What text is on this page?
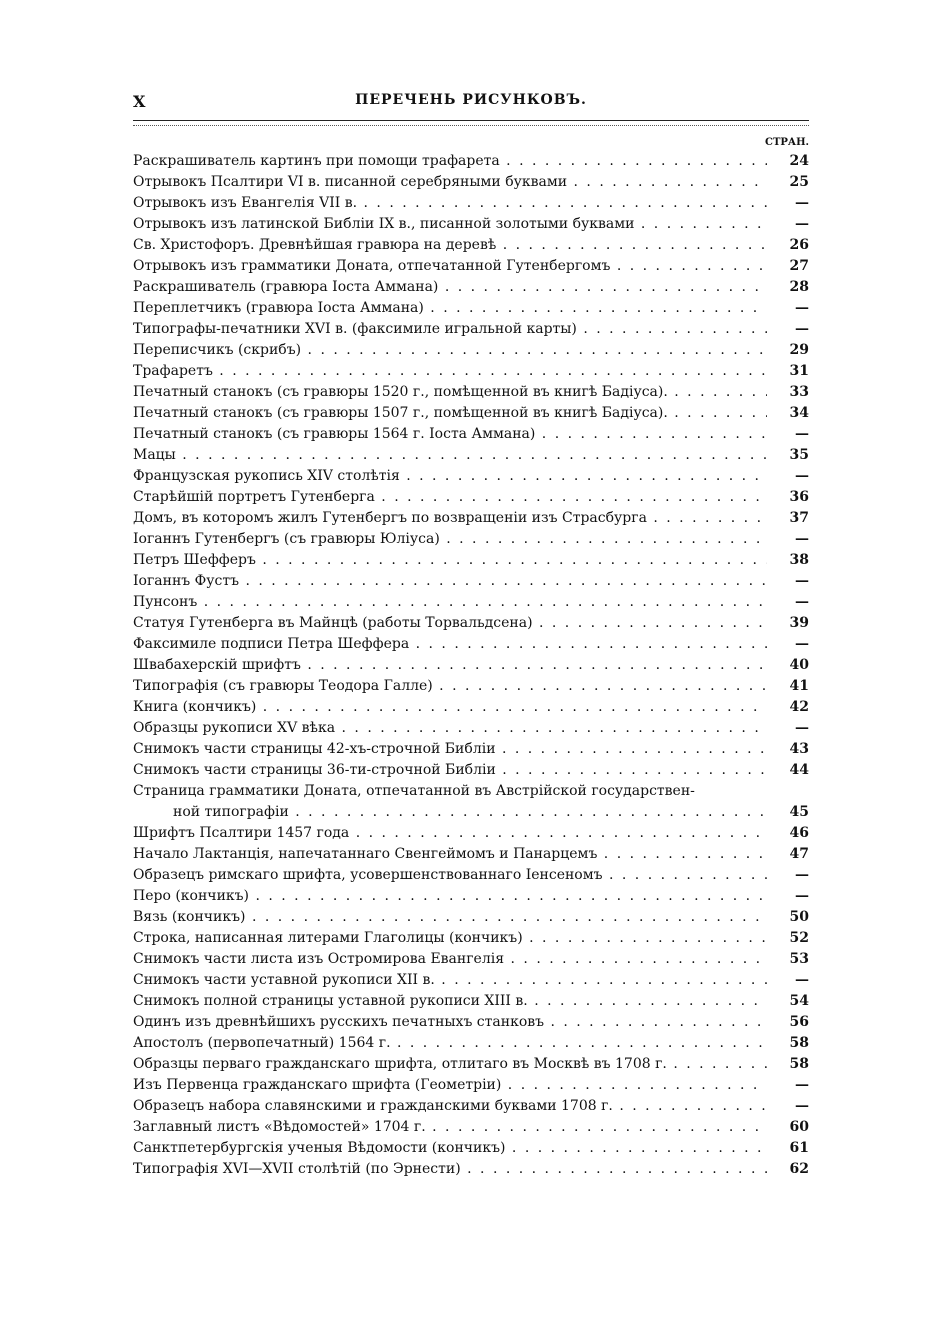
X	ПЕРЕЧЕНЬ РИСУНКОВЪ.
СТРАН.
Раскрашиватель картинъ при помощи трафарета . . .	24
Отрывокъ Псалтири VI в. писанной серебряными буквами . . .	25
Отрывокъ изъ Евангелія VII в. . . .	—
Отрывокъ изъ латинской Библіи IX в., писанной золотыми буквами . . .	—
Св. Христофоръ. Древнѣйшая гравюра на деревѣ . . .	26
Отрывокъ изъ грамматики Доната, отпечатанной Гутенбергомъ . . .	27
Раскрашиватель (гравюра Іоста Аммана) . . .	28
Переплетчикъ (гравюра Іоста Аммана) . . .	—
Типографы-печатники XVI в. (факсимиле игральной карты) . . .	—
Переписчикъ (скрибъ) . . .	29
Трафаретъ . . .	31
Печатный станокъ (съ гравюры 1520 г., помѣщенной въ книгѣ Бадіуса). . . .	33
Печатный станокъ (съ гравюры 1507 г., помѣщенной въ книгѣ Бадіуса). . . .	34
Печатный станокъ (съ гравюры 1564 г. Іоста Аммана) . . .	—
Мацы . . .	35
Французская рукопись XIV столѣтія . . .	—
Старѣйшій портретъ Гутенберга . . .	36
Домъ, въ которомъ жилъ Гутенбергъ по возвращеніи изъ Страсбурга . . .	37
Іоганнъ Гутенбергъ (съ гравюры Юліуса) . . .	—
Петръ Шефферъ . . .	38
Іоганнъ Фустъ . . .	—
Пунсонъ . . .	—
Статуя Гутенберга въ Майнцѣ (работы Торвальдсена) . . .	39
Факсимиле подписи Петра Шеффера . . .	—
Швабахерскій шрифтъ . . .	40
Типографія (съ гравюры Теодора Галле) . . .	41
Книга (кончикъ) . . .	42
Образцы рукописи XV вѣка . . .	—
Снимокъ части страницы 42-хъ-строчной Библіи . . .	43
Снимокъ части страницы 36-ти-строчной Библіи . . .	44
Страница грамматики Доната, отпечатанной въ Австрійской государствен-
ной типографіи . . .	45
Шрифтъ Псалтири 1457 года . . .	46
Начало Лактанція, напечатаннаго Свенгеймомъ и Панарцемъ . . .	47
Образецъ римскаго шрифта, усовершенствованнаго Іенсеномъ . . .	—
Перо (кончикъ) . . .	—
Вязь (кончикъ) . . .	50
Строка, написанная литерами Глаголицы (кончикъ) . . .	52
Снимокъ части листа изъ Остромирова Евангелія . . .	53
Снимокъ части уставной рукописи XII в. . . .	—
Снимокъ полной страницы уставной рукописи XIII в. . . .	54
Одинъ изъ древнѣйшихъ русскихъ печатныхъ станковъ . . .	56
Апостолъ (первопечатный) 1564 г. . . .	58
Образцы перваго гражданскаго шрифта, отлитаго въ Москвѣ въ 1708 г. . . .	58
Изъ Первенца гражданскаго шрифта (Геометріи) . . .	—
Образецъ набора славянскими и гражданскими буквами 1708 г. . . .	—
Заглавный листъ «Вѣдомостей» 1704 г. . . .	60
Санктпетербургскія ученыя Вѣдомости (кончикъ) . . .	61
Типографія XVI—XVII столѣтій (по Эрнести) . . .	62
